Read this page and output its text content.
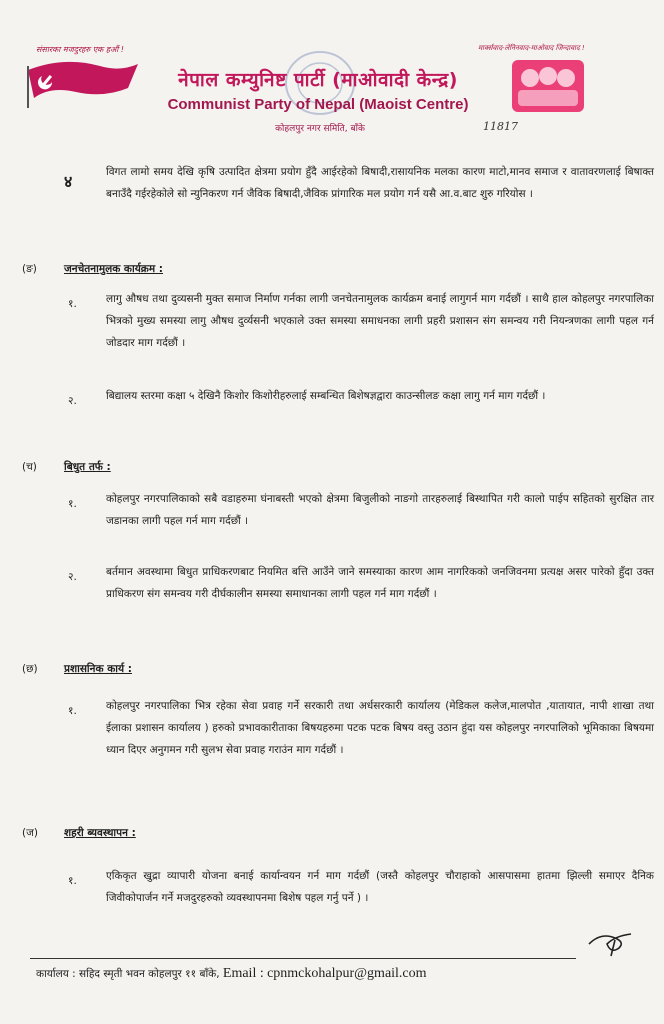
संसारका मजदुरहरु एक हऔं !	मार्क्सवाद-लेनिनवाद-माओवाद जिन्दावाद !
नेपाल कम्युनिष्ट पार्टी (माओवादी केन्द्र)
Communist Party of Nepal (Maoist Centre)
कोहलपुर नगर समिति, बाँके	11817
४	विगत लामो समय देखि कृषि उत्पादित क्षेत्रमा प्रयोग हुँदै आईरहेको बिषादी,रासायनिक मलका कारण माटो,मानव समाज र वातावरणलाई बिषाक्त बनाउँदै गईरहेकोले सो न्युनिकरण गर्न जैविक बिषादी,जैविक प्रांगारिक मल प्रयोग गर्न यसै आ.व.बाट शुरु गरियोस ।
(ङ)	जनचेतनामुलक कार्यक्रम :
१.	लागु औषध तथा दुव्यसनी मुक्त समाज निर्माण गर्नका लागी जनचेतनामुलक कार्यक्रम बनाई लागुगर्न माग गर्दछौं । साथै हाल कोहलपुर नगरपालिका भित्रको मुख्य समस्या लागु औषध दुर्व्यसनी भएकाले उक्त समस्या समाधनका लागी प्रहरी प्रशासन संग समन्वय गरी नियन्त्रणका लागी पहल गर्न जोडदार माग गर्दछौं ।
२.	बिद्यालय स्तरमा कक्षा ५ देखिनै किशोर किशोरीहरुलाई सम्बन्धित बिशेषज्ञद्वारा काउन्सीलङ कक्षा लागु गर्न माग गर्दछौं ।
(च)	बिधुत तर्फ :
१.	कोहलपुर नगरपालिकाको सबै वडाहरुमा घंनाबस्ती भएको क्षेत्रमा बिजुलीको नाङगो तारहरुलाई बिस्थापित गरी कालो पाईप सहितको सुरक्षित तार जडानका लागी पहल गर्न माग गर्दछौं ।
२.	बर्तमान अवस्थामा बिधुत प्राधिकरणबाट नियमित बत्ति आउँने जाने समस्याका कारण आम नागरिकको जनजिवनमा प्रत्यक्ष असर पारेको हुँदा उक्त प्राधिकरण संग समन्वय गरी दीर्घकालीन समस्या समाधानका लागी पहल गर्न माग गर्दछौं ।
(छ)	प्रशासनिक कार्य :
१.	कोहलपुर नगरपालिका भित्र रहेका सेवा प्रवाह गर्ने सरकारी तथा अर्धसरकारी कार्यालय (मेडिकल कलेज,मालपोत ,यातायात, नापी शाखा तथा ईलाका प्रशासन कार्यालय ) हरुको प्रभावकारीताका बिषयहरुमा पटक पटक बिषय वस्तु उठान हुंदा यस कोहलपुर नगरपालिको भूमिकाका बिषयमा ध्यान दिएर अनुगमन गरी सुलभ सेवा प्रवाह गराउंन माग गर्दछौं ।
(ज) शहरी ब्यवस्थापन :
१.	एकिकृत खुद्रा व्यापारी योजना बनाई कार्यान्वयन गर्न माग गर्दछौं (जस्तै कोहलपुर चौराहाको आसपासमा हातमा झिल्ली समाएर दैनिक जिवीकोपार्जन गर्ने मजदुरहरुको व्यवस्थापनमा बिशेष पहल गर्नु पर्ने ) ।
कार्यालय : सहिद स्मृती भवन कोहलपुर ११ बाँके, Email : cpnmckohalpur@gmail.com
